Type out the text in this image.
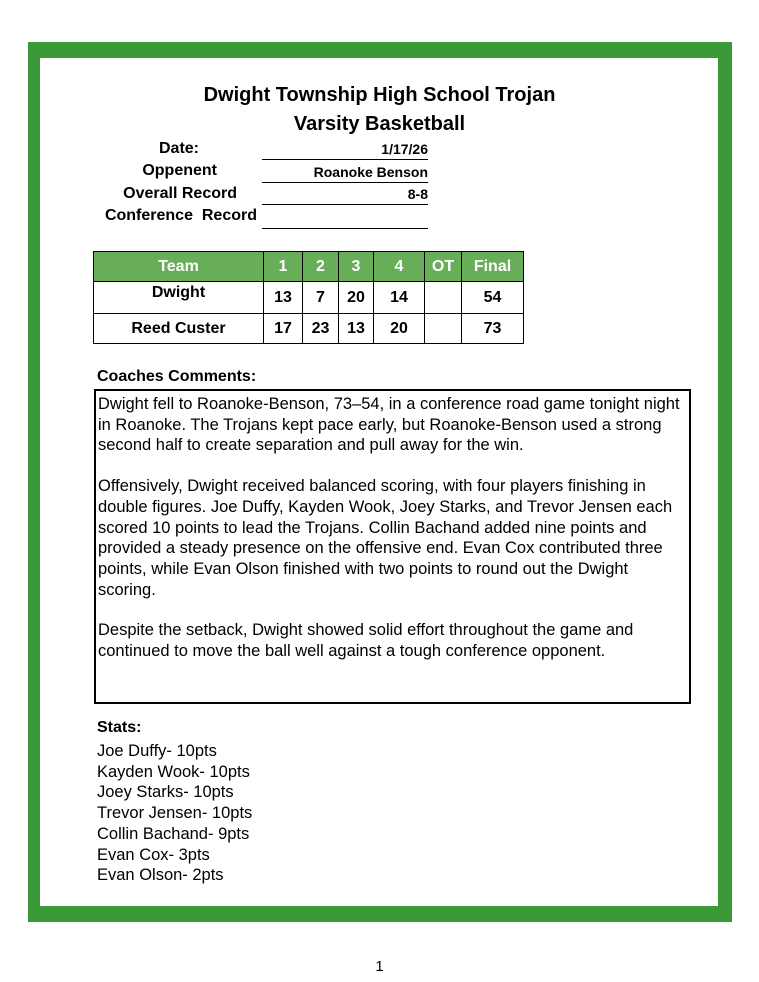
Dwight Township High School Trojan
Varsity Basketball
Date:	1/17/26
Oppenent	Roanoke Benson
Overall Record	8-8
Conference  Record
Team	1	2	3	4	OT	Final
Dwight	13	7	20	14		54
Reed Custer	17	23	13	20		73
Coaches Comments:

Dwight fell to Roanoke-Benson, 73–54, in a conference road game tonight night in Roanoke. The Trojans kept pace early, but Roanoke-Benson used a strong second half to create separation and pull away for the win.

Offensively, Dwight received balanced scoring, with four players finishing in double figures. Joe Duffy, Kayden Wook, Joey Starks, and Trevor Jensen each scored 10 points to lead the Trojans. Collin Bachand added nine points and provided a steady presence on the offensive end. Evan Cox contributed three points, while Evan Olson finished with two points to round out the Dwight scoring.

Despite the setback, Dwight showed solid effort throughout the game and continued to move the ball well against a tough conference opponent.

Stats:
Joe Duffy- 10pts
Kayden Wook- 10pts
Joey Starks- 10pts
Trevor Jensen- 10pts
Collin Bachand- 9pts
Evan Cox- 3pts
Evan Olson- 2pts
1
